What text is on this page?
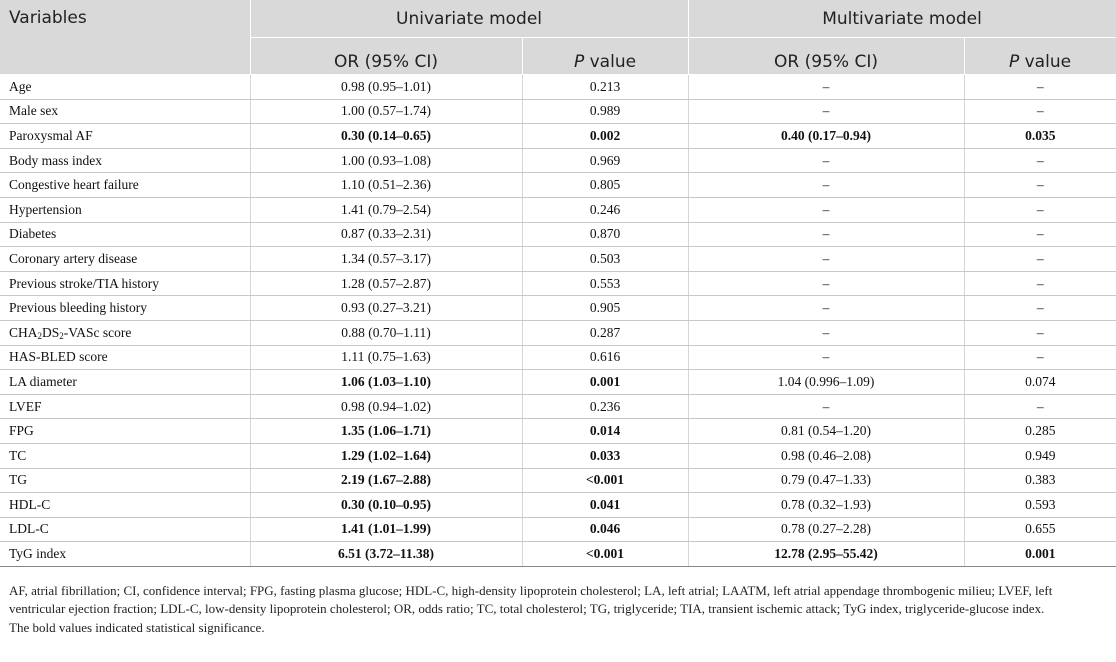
Variables	Univariate model		Multivariate model	
	OR (95% CI)	P value	OR (95% CI)	P value
Age	0.98 (0.95–1.01)	0.213	–	–
Male sex	1.00 (0.57–1.74)	0.989	–	–
Paroxysmal AF	0.30 (0.14–0.65)	0.002	0.40 (0.17–0.94)	0.035
Body mass index	1.00 (0.93–1.08)	0.969	–	–
Congestive heart failure	1.10 (0.51–2.36)	0.805	–	–
Hypertension	1.41 (0.79–2.54)	0.246	–	–
Diabetes	0.87 (0.33–2.31)	0.870	–	–
Coronary artery disease	1.34 (0.57–3.17)	0.503	–	–
Previous stroke/TIA history	1.28 (0.57–2.87)	0.553	–	–
Previous bleeding history	0.93 (0.27–3.21)	0.905	–	–
$CHA_2DS_2$-VASc score	0.88 (0.70–1.11)	0.287	–	–
HAS-BLED score	1.11 (0.75–1.63)	0.616	–	–
LA diameter	1.06 (1.03–1.10)	0.001	1.04 (0.996–1.09)	0.074
LVEF	0.98 (0.94–1.02)	0.236	–	–
FPG	1.35 (1.06–1.71)	0.014	0.81 (0.54–1.20)	0.285
TC	1.29 (1.02–1.64)	0.033	0.98 (0.46–2.08)	0.949
TG	2.19 (1.67–2.88)	<0.001	0.79 (0.47–1.33)	0.383
HDL-C	0.30 (0.10–0.95)	0.041	0.78 (0.32–1.93)	0.593
LDL-C	1.41 (1.01–1.99)	0.046	0.78 (0.27–2.28)	0.655
TyG index	6.51 (3.72–11.38)	<0.001	12.78 (2.95–55.42)	0.001

AF, atrial fibrillation; CI, confidence interval; FPG, fasting plasma glucose; HDL-C, high-density lipoprotein cholesterol; LA, left atrial; LAATM, left atrial appendage thrombogenic milieu; LVEF, left ventricular ejection fraction; LDL-C, low-density lipoprotein cholesterol; OR, odds ratio; TC, total cholesterol; TG, triglyceride; TIA, transient ischemic attack; TyG index, triglyceride-glucose index.

The bold values indicated statistical significance.
